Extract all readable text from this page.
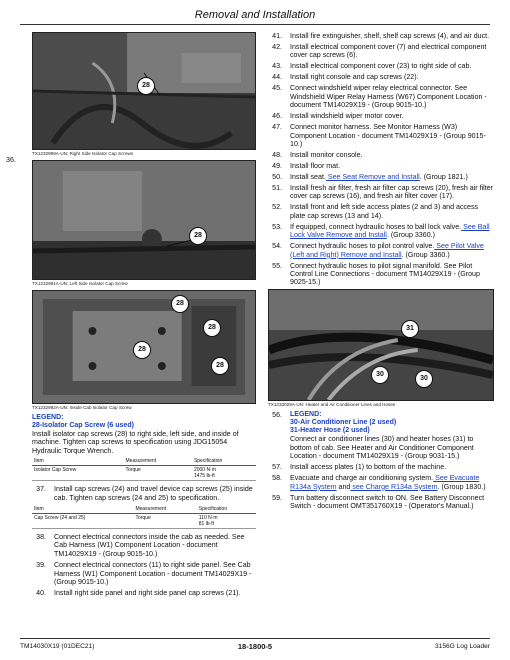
Removal and Installation
28
TX1232999A-UN: Right Side Isolator Cap Screws
36.
28
TX1232991A-UN: Left Side Isolator Cap Screw
28
28
28
28
TX1232992A-UN: Inside Cab Isolator Cap Screw
LEGEND:
28-Isolator Cap Screw (6 used)
Install isolator cap screws (28) to right side, left side, and inside of machine. Tighten cap screws to specification using JDG15054 Hydraulic Torque Wrench.
Item	Measurement	Specification
Isolator Cap Screw	Torque	2000 N·m
1475 lb-ft
37. Install cap screws (24) and travel device cap screws (25) inside cab. Tighten cap screws (24 and 25) to specification.
Item	Measurement	Specification
Cap Screw (24 and 25)	Torque	110 N·m
81 lb-ft
38. Connect electrical connectors inside the cab as needed. See Cab Harness (W1) Component Location - document TM14029X19 - (Group 9015-10.)
39. Connect electrical connectors (11) to right side panel. See Cab Harness (W1) Component Location - document TM14029X19 - (Group 9015-10.)
40. Install right side panel and right side panel cap screws (21).
41. Install fire extinguisher, shelf, shelf cap screws (4), and air duct.
42. Install electrical component cover (7) and electrical component cover cap screws (6).
43. Install electrical component cover (23) to right side of cab.
44. Install right console and cap screws (22).
45. Connect windshield wiper relay electrical connector. See Windshield Wiper Relay Harness (W67) Component Location - document TM14029X19 - (Group 9015-10.)
46. Install windshield wiper motor cover.
47. Connect monitor harness. See Monitor Harness (W3) Component Location - document TM14029X19 - (Group 9015-10.)
48. Install monitor console.
49. Install floor mat.
50. Install seat. See Seat Remove and Install. (Group 1821.)
51. Install fresh air filter, fresh air filter cap screws (20), fresh air filter cover cap screws (16), and fresh air filter cover (17).
52. Install front and left side access plates (2 and 3) and access plate cap screws (13 and 14).
53. If equipped, connect hydraulic hoses to ball lock valve. See Ball Lock Valve Remove and Install. (Group 3360.)
54. Connect hydraulic hoses to pilot control valve. See Pilot Valve (Left and Right) Remove and Install. (Group 3360.)
55. Connect hydraulic hoses to pilot signal manifold. See Pilot Control Line Connections - document TM14029X19 - (Group 9025-15.)
31
30
30
TX1233029A-UN: Heater and Air Conditioner Lines and Hoses
56. LEGEND:
30-Air Conditioner Line (2 used)
31-Heater Hose (2 used)
Connect air conditioner lines (30) and heater hoses (31) to bottom of cab. See Heater and Air Conditioner Component Location - document TM14029X19 - (Group 9031-15.)
57. Install access plates (1) to bottom of the machine.
58. Evacuate and charge air conditioning system. See Evacuate R134a System and see Charge R134a System. (Group 1830.)
59. Turn battery disconnect switch to ON. See Battery Disconnect Switch - document OMT351760X19 - (Operator's Manual.)
TM14030X19 (01DEC21)	18-1800-5	3156G Log Loader
